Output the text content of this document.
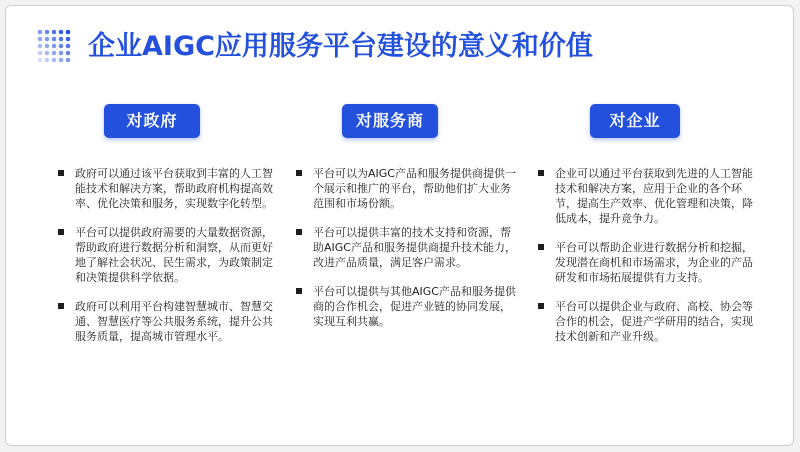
企业AIGC应用服务平台建设的意义和价值
对政府
政府可以通过该平台获取到丰富的人工智能技术和解决方案，帮助政府机构提高效率、优化决策和服务，实现数字化转型。
平台可以提供政府需要的大量数据资源，帮助政府进行数据分析和洞察，从而更好地了解社会状况、民生需求，为政策制定和决策提供科学依据。
政府可以利用平台构建智慧城市、智慧交通、智慧医疗等公共服务系统，提升公共服务质量，提高城市管理水平。
对服务商
平台可以为AIGC产品和服务提供商提供一个展示和推广的平台，帮助他们扩大业务范围和市场份额。
平台可以提供丰富的技术支持和资源，帮助AIGC产品和服务提供商提升技术能力，改进产品质量，满足客户需求。
平台可以提供与其他AIGC产品和服务提供商的合作机会，促进产业链的协同发展，实现互利共赢。
对企业
企业可以通过平台获取到先进的人工智能技术和解决方案，应用于企业的各个环节，提高生产效率、优化管理和决策，降低成本，提升竞争力。
平台可以帮助企业进行数据分析和挖掘，发现潜在商机和市场需求，为企业的产品研发和市场拓展提供有力支持。
平台可以提供企业与政府、高校、协会等合作的机会，促进产学研用的结合，实现技术创新和产业升级。
